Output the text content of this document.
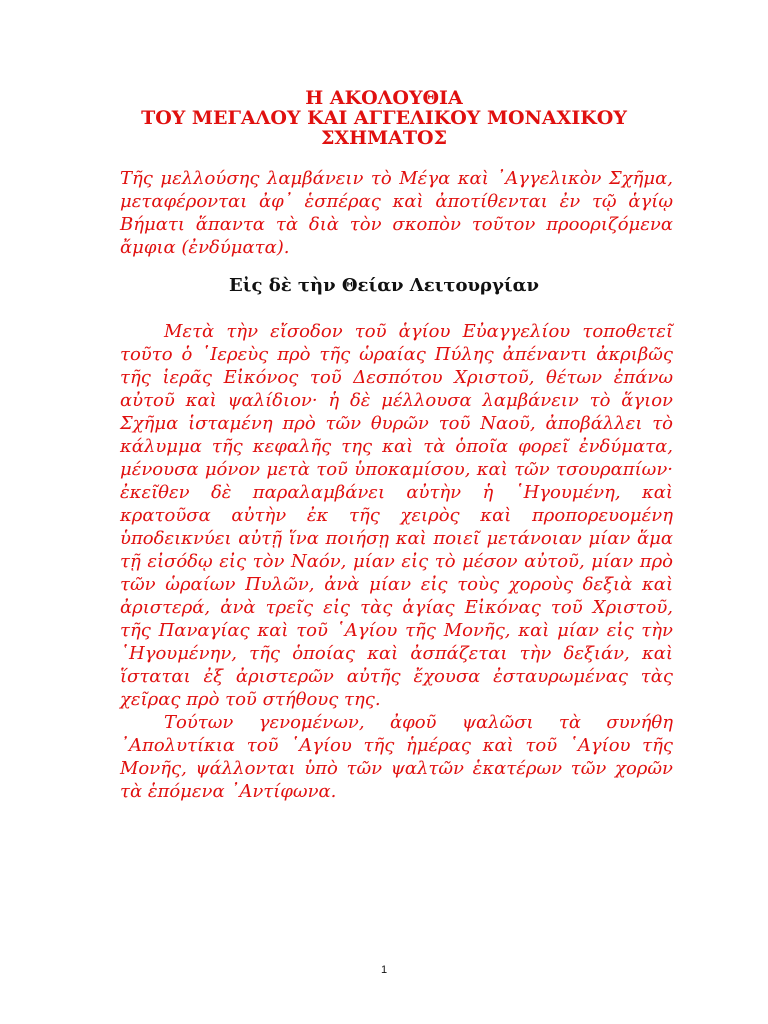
Η ΑΚΟΛΟΥΘΙΑ
ΤΟΥ ΜΕΓΑΛΟΥ ΚΑΙ ΑΓΓΕΛΙΚΟΥ ΜΟΝΑΧΙΚΟΥ
ΣΧΗΜΑΤΟΣ

Τῆς μελλούσης λαμβάνειν τὸ Μέγα καὶ ᾿Αγγελικὸν Σχῆμα, μεταφέρονται ἀφ᾿ ἑσπέρας καὶ ἀποτίθενται ἐν τῷ ἁγίῳ Βήματι ἅπαντα τὰ διὰ τὸν σκοπὸν τοῦτον προοριζόμενα ἄμφια (ἐνδύματα).

Εἰς δὲ τὴν Θείαν Λειτουργίαν

Μετὰ τὴν εἴσοδον τοῦ ἁγίου Εὐαγγελίου τοποθετεῖ τοῦτο ὁ ῾Ιερεὺς πρὸ τῆς ὡραίας Πύλης ἀπέναντι ἀκριβῶς τῆς ἱερᾶς Εἰκόνος τοῦ Δεσπότου Χριστοῦ, θέτων ἐπάνω αὐτοῦ καὶ ψαλίδιον· ἡ δὲ μέλλουσα λαμβάνειν τὸ ἅγιον Σχῆμα ἱσταμένη πρὸ τῶν θυρῶν τοῦ Ναοῦ, ἀποβάλλει τὸ κάλυμμα τῆς κεφαλῆς της καὶ τὰ ὁποῖα φορεῖ ἐνδύματα, μένουσα μόνον μετὰ τοῦ ὑποκαμίσου, καὶ τῶν τσουραπίων· ἐκεῖθεν δὲ παραλαμβάνει αὐτὴν ἡ ῾Ηγουμένη, καὶ κρατοῦσα αὐτὴν ἐκ τῆς χειρὸς καὶ προπορευομένη ὑποδεικνύει αὐτῇ ἵνα ποιήσῃ καὶ ποιεῖ μετάνοιαν μίαν ἅμα τῇ εἰσόδῳ εἰς τὸν Ναόν, μίαν εἰς τὸ μέσον αὐτοῦ, μίαν πρὸ τῶν ὡραίων Πυλῶν, ἀνὰ μίαν εἰς τοὺς χοροὺς δεξιὰ καὶ ἀριστερά, ἀνὰ τρεῖς εἰς τὰς ἁγίας Εἰκόνας τοῦ Χριστοῦ, τῆς Παναγίας καὶ τοῦ ῾Αγίου τῆς Μονῆς, καὶ μίαν εἰς τὴν ῾Ηγουμένην, τῆς ὁποίας καὶ ἀσπάζεται τὴν δεξιάν, καὶ ἵσταται ἐξ ἀριστερῶν αὐτῆς ἔχουσα ἐσταυρωμένας τὰς χεῖρας πρὸ τοῦ στήθους της.

Τούτων γενομένων, ἀφοῦ ψαλῶσι τὰ συνήθη ᾿Απολυτίκια τοῦ ῾Αγίου τῆς ἡμέρας καὶ τοῦ ῾Αγίου τῆς Μονῆς, ψάλλονται ὑπὸ τῶν ψαλτῶν ἑκατέρων τῶν χορῶν τὰ ἑπόμενα ᾿Αντίφωνα.

1
